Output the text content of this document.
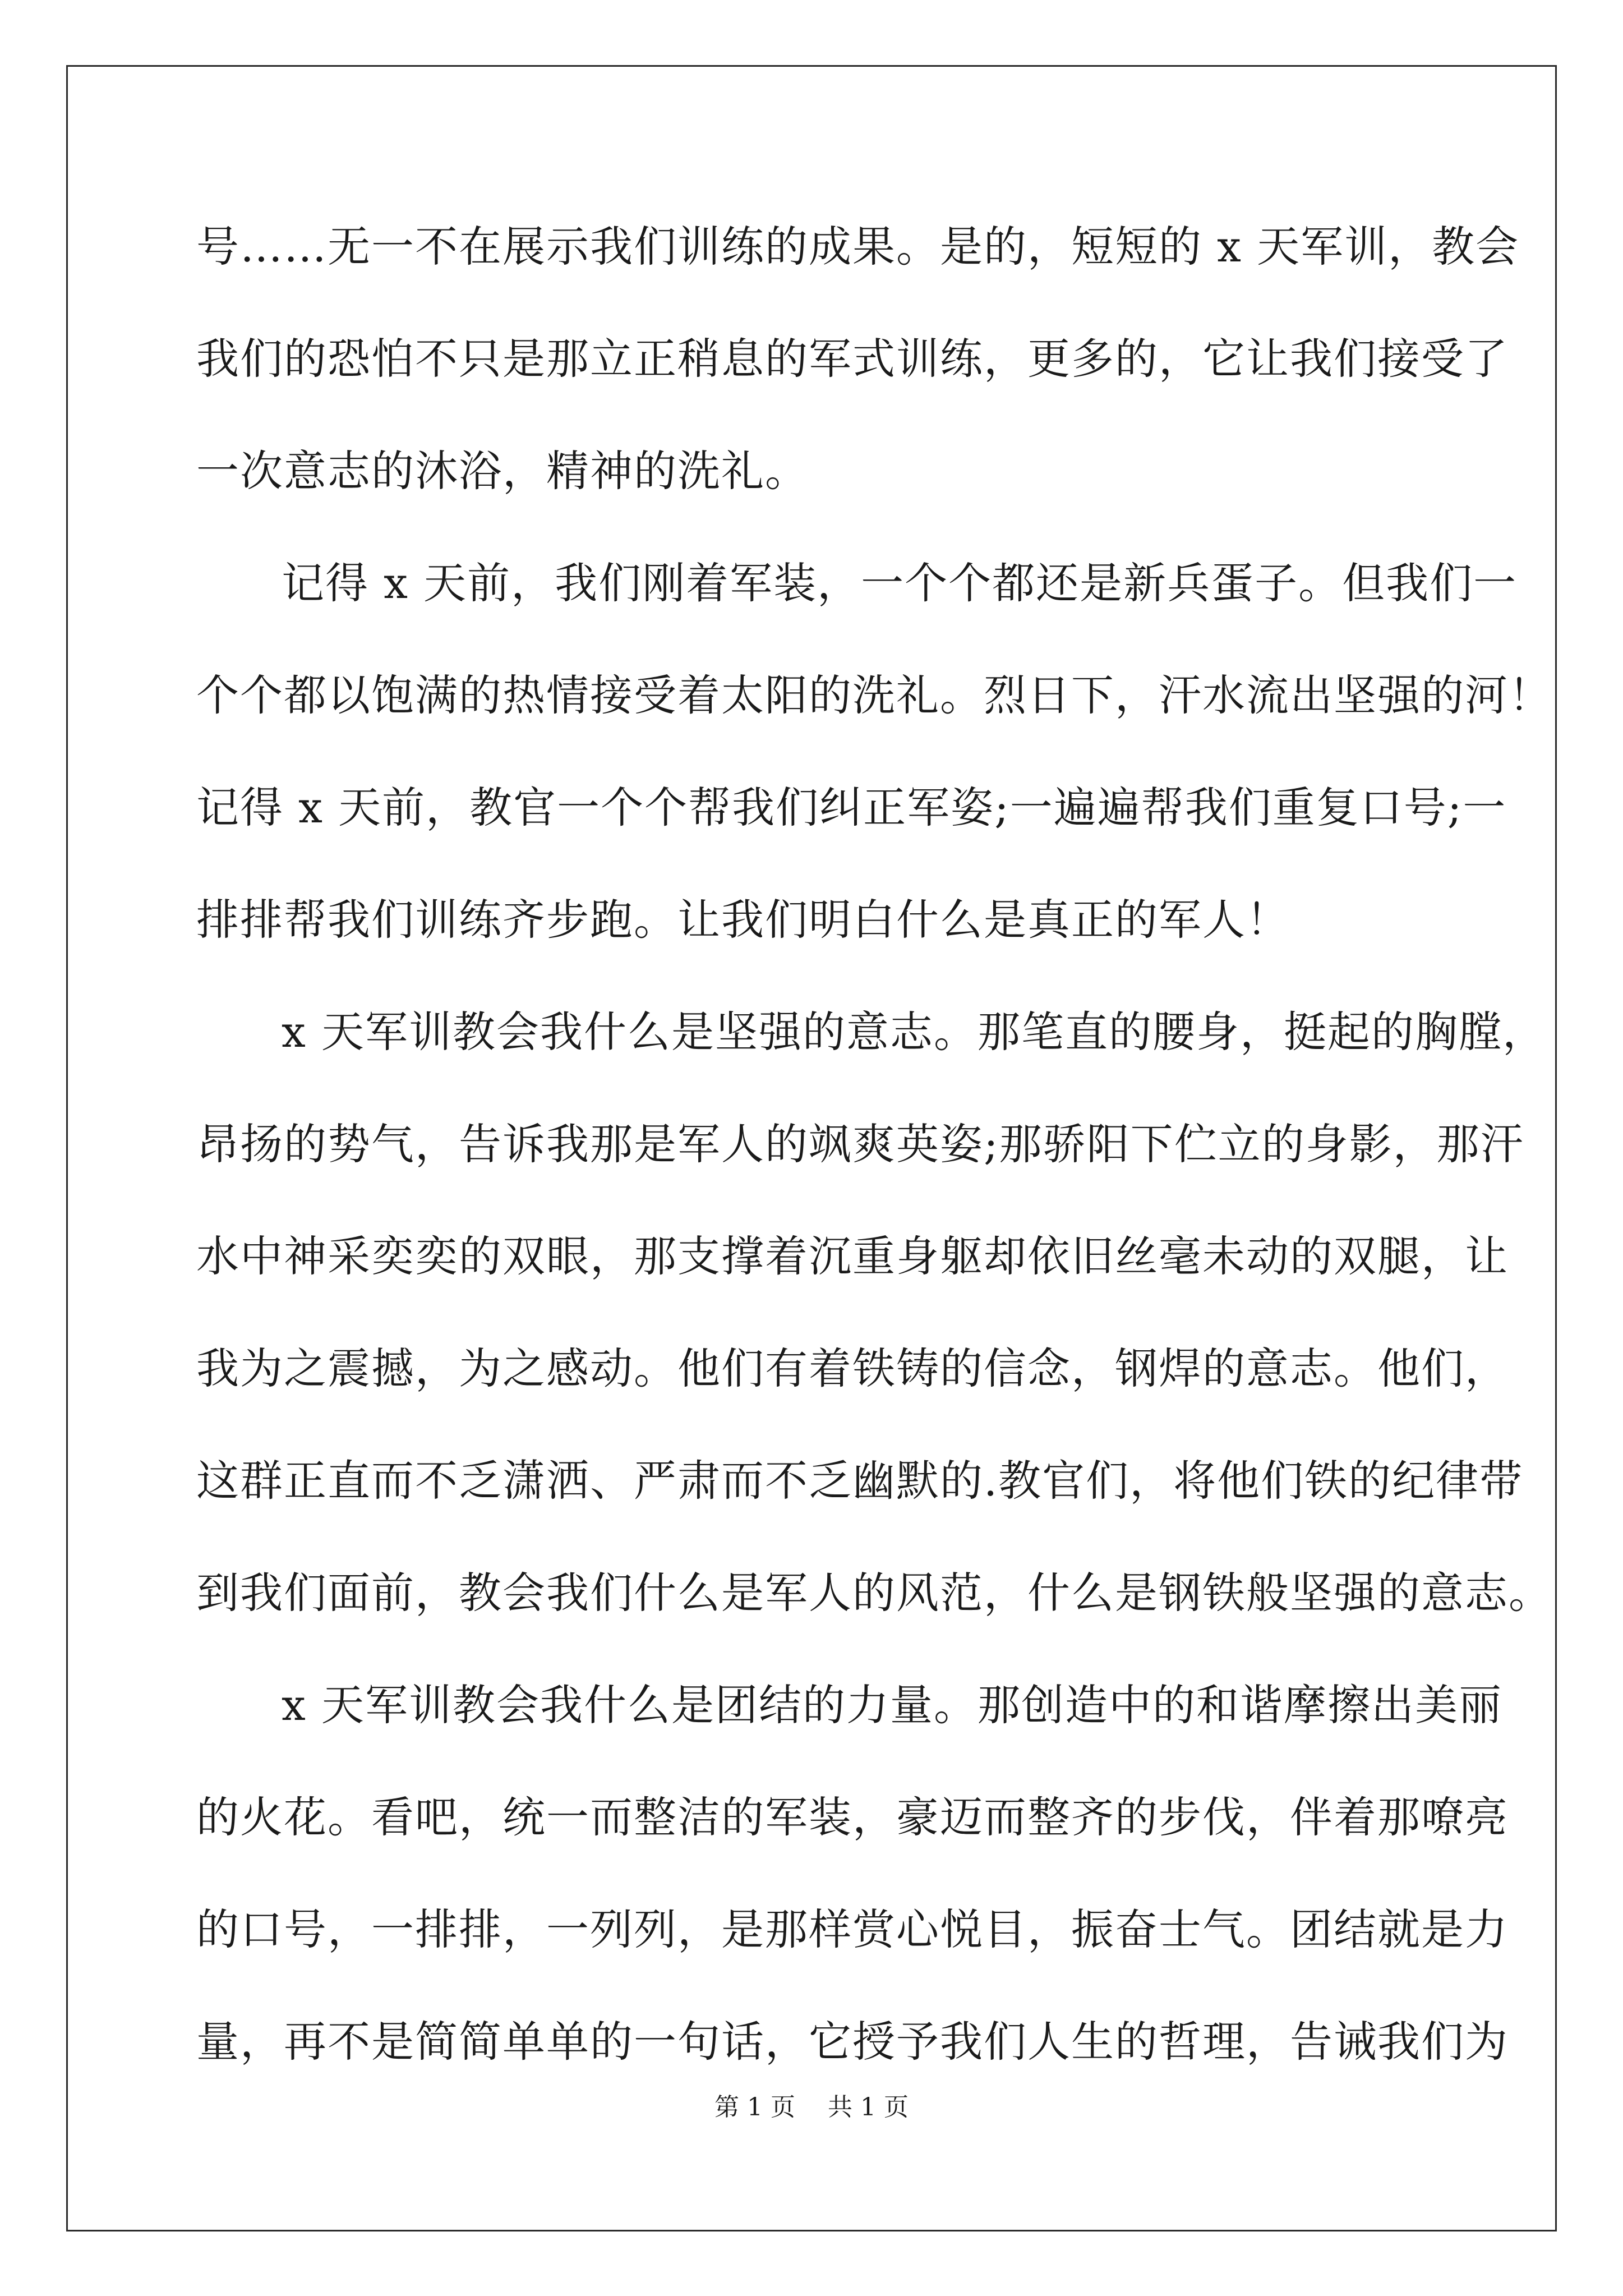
号……无一不在展示我们训练的成果。是的，短短的 x 天军训，教会
我们的恐怕不只是那立正稍息的军式训练，更多的，它让我们接受了
一次意志的沐浴，精神的洗礼。
记得 x 天前，我们刚着军装，一个个都还是新兵蛋子。但我们一
个个都以饱满的热情接受着太阳的洗礼。烈日下，汗水流出坚强的河！
记得 x 天前，教官一个个帮我们纠正军姿;一遍遍帮我们重复口号;一
排排帮我们训练齐步跑。让我们明白什么是真正的军人！
x 天军训教会我什么是坚强的意志。那笔直的腰身，挺起的胸膛，
昂扬的势气，告诉我那是军人的飒爽英姿;那骄阳下伫立的身影，那汗
水中神采奕奕的双眼，那支撑着沉重身躯却依旧丝毫未动的双腿，让
我为之震撼，为之感动。他们有着铁铸的信念，钢焊的意志。他们，
这群正直而不乏潇洒、严肃而不乏幽默的.教官们，将他们铁的纪律带
到我们面前，教会我们什么是军人的风范，什么是钢铁般坚强的意志。
x 天军训教会我什么是团结的力量。那创造中的和谐摩擦出美丽
的火花。看吧，统一而整洁的军装，豪迈而整齐的步伐，伴着那嘹亮
的口号，一排排，一列列，是那样赏心悦目，振奋士气。团结就是力
量，再不是简简单单的一句话，它授予我们人生的哲理，告诫我们为
第 1 页　 共 1 页
